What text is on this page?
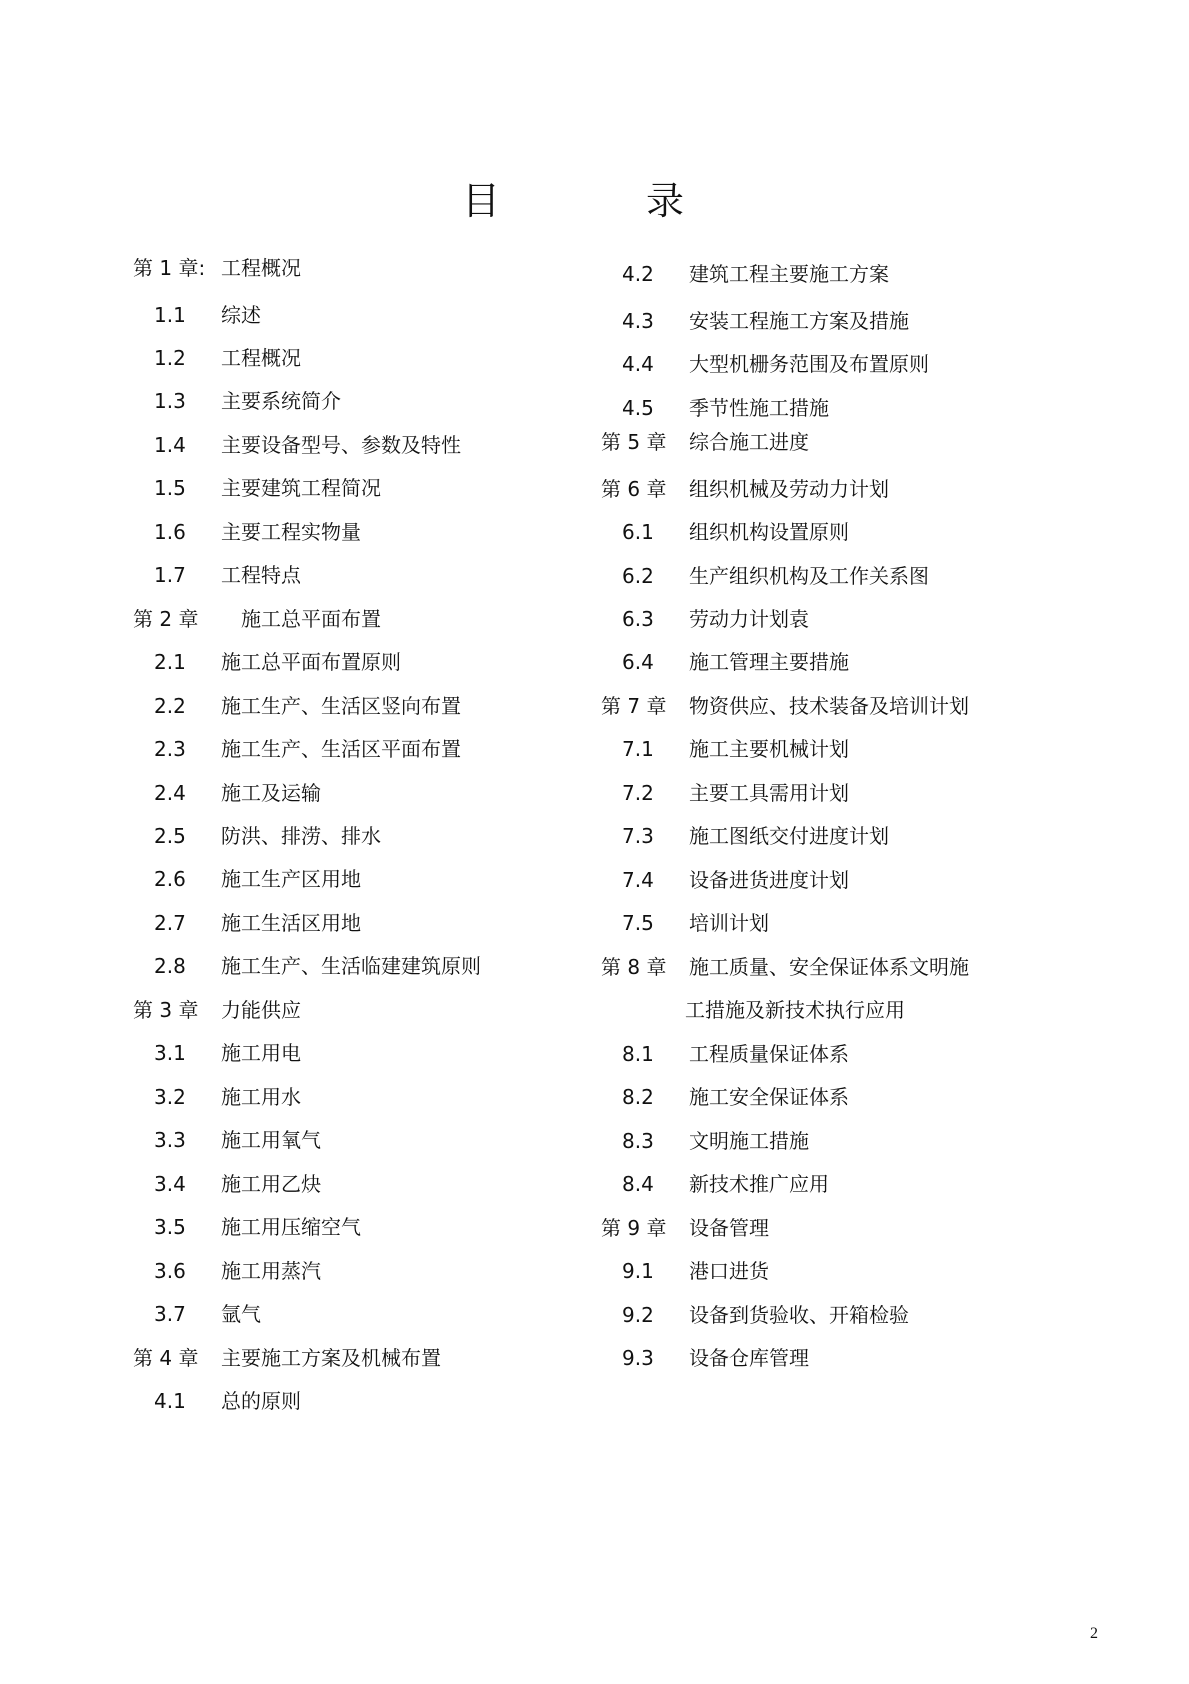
目	录
第 1 章: 工程概况
1.1 综述
1.2 工程概况
1.3 主要系统简介
1.4 主要设备型号、参数及特性
1.5 主要建筑工程简况
1.6 主要工程实物量
1.7 工程特点
第 2 章 施工总平面布置
2.1 施工总平面布置原则
2.2 施工生产、生活区竖向布置
2.3 施工生产、生活区平面布置
2.4 施工及运输
2.5 防洪、排涝、排水
2.6 施工生产区用地
2.7 施工生活区用地
2.8 施工生产、生活临建建筑原则
第 3 章 力能供应
3.1 施工用电
3.2 施工用水
3.3 施工用氧气
3.4 施工用乙炔
3.5 施工用压缩空气
3.6 施工用蒸汽
3.7 氩气
第 4 章 主要施工方案及机械布置
4.1 总的原则
4.2 建筑工程主要施工方案
4.3 安装工程施工方案及措施
4.4 大型机栅务范围及布置原则
4.5 季节性施工措施
第 5 章 综合施工进度
第 6 章 组织机械及劳动力计划
6.1 组织机构设置原则
6.2 生产组织机构及工作关系图
6.3 劳动力计划袁
6.4 施工管理主要措施
第 7 章 物资供应、技术装备及培训计划
7.1 施工主要机械计划
7.2 主要工具需用计划
7.3 施工图纸交付进度计划
7.4 设备进货进度计划
7.5 培训计划
第 8 章 施工质量、安全保证体系文明施
工措施及新技术执行应用
8.1 工程质量保证体系
8.2 施工安全保证体系
8.3 文明施工措施
8.4 新技术推广应用
第 9 章 设备管理
9.1 港口进货
9.2 设备到货验收、开箱检验
9.3 设备仓库管理
2
